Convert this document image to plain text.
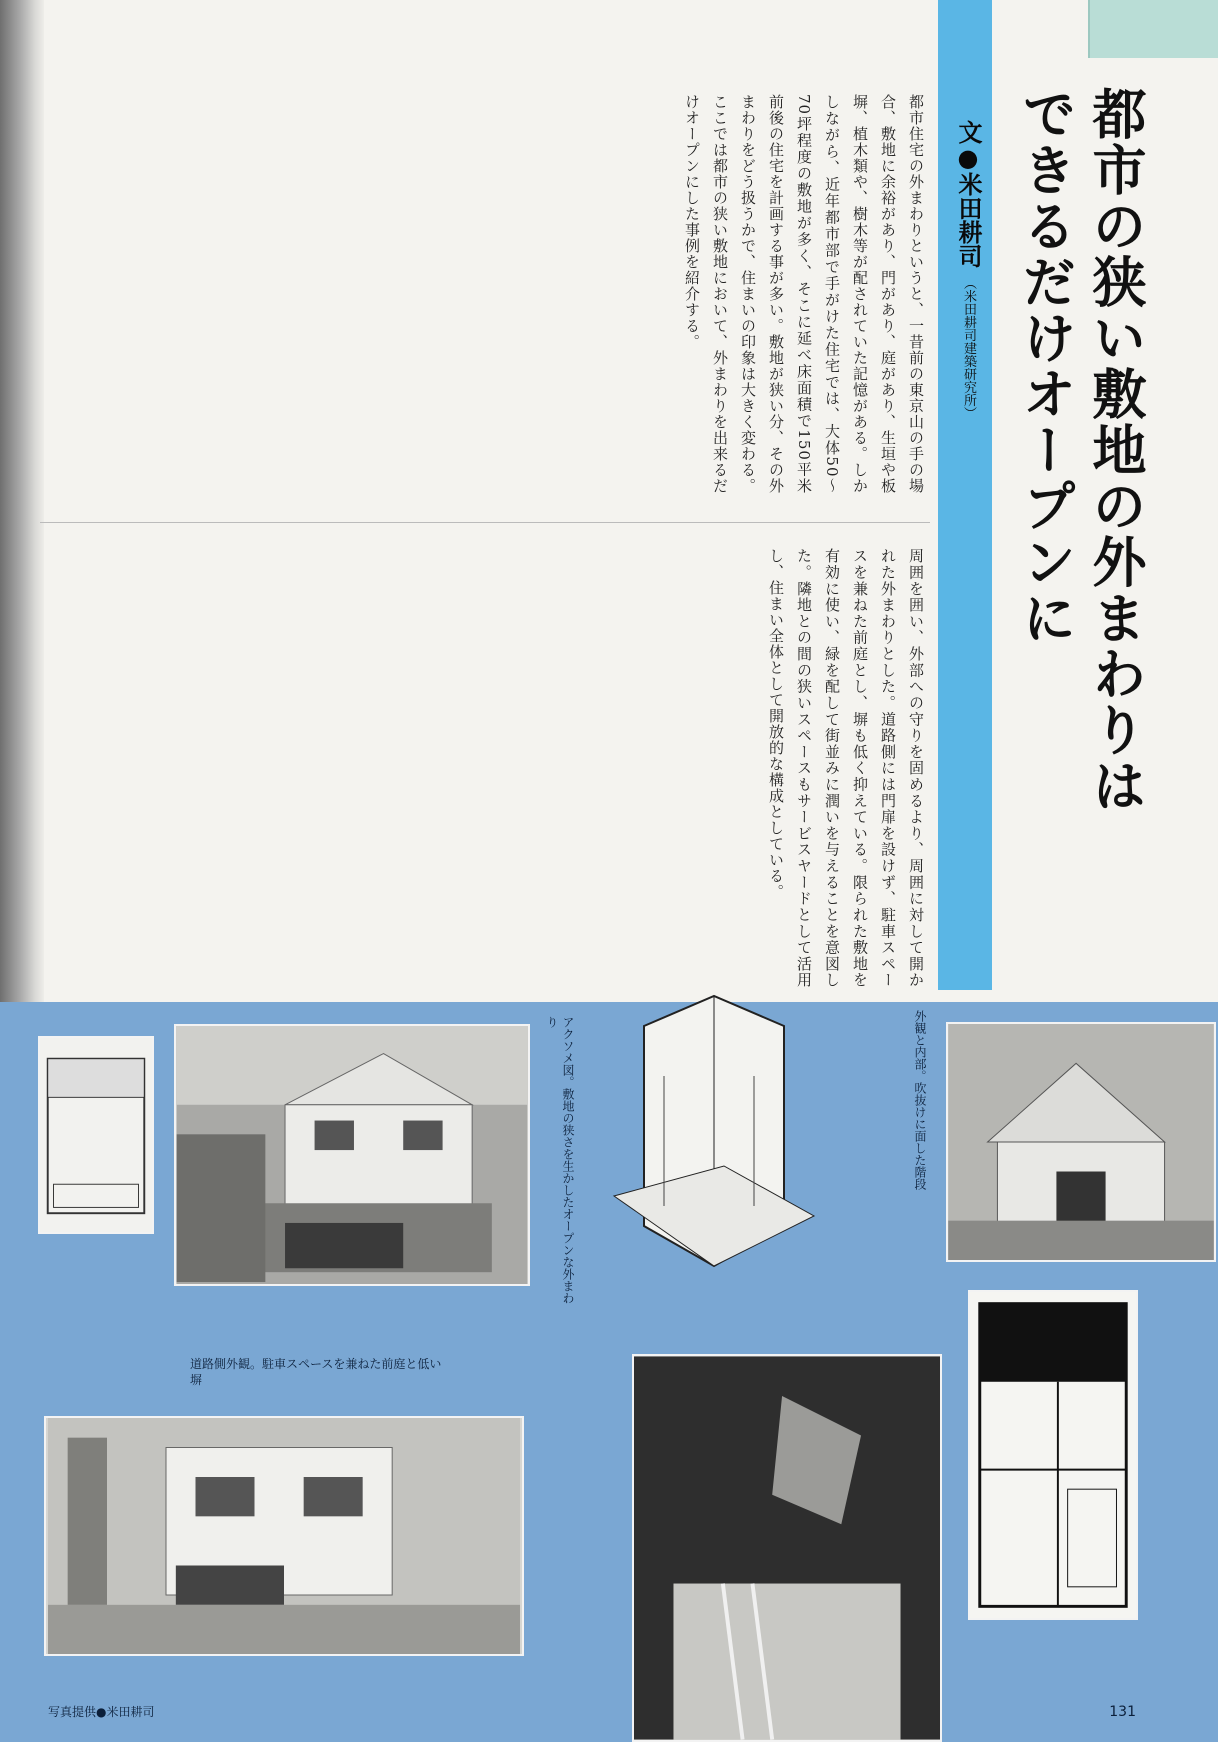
都市の狭い敷地の外まわりは
できるだけオープンに
文●米田耕司 （米田耕司建築研究所）
都市住宅の外まわりというと、一昔前の東京山の手の場合、敷地に余裕があり、門があり、庭があり、生垣や板塀、植木類や、樹木等が配されていた記憶がある。しかしながら、近年都市部で手がけた住宅では、大体50〜70坪程度の敷地が多く、そこに延べ床面積で150平米前後の住宅を計画する事が多い。敷地が狭い分、その外まわりをどう扱うかで、住まいの印象は大きく変わる。ここでは都市の狭い敷地において、外まわりを出来るだけオープンにした事例を紹介する。
周囲を囲い、外部への守りを固めるより、周囲に対して開かれた外まわりとした。道路側には門扉を設けず、駐車スペースを兼ねた前庭とし、塀も低く抑えている。限られた敷地を有効に使い、緑を配して街並みに潤いを与えることを意図した。隣地との間の狭いスペースもサービスヤードとして活用し、住まい全体として開放的な構成としている。
アクソメ図。敷地の狭さを生かしたオープンな外まわり	外観と内部。吹抜けに面した階段
道路側外観。駐車スペースを兼ねた前庭と低い塀
写真提供●米田耕司	131
